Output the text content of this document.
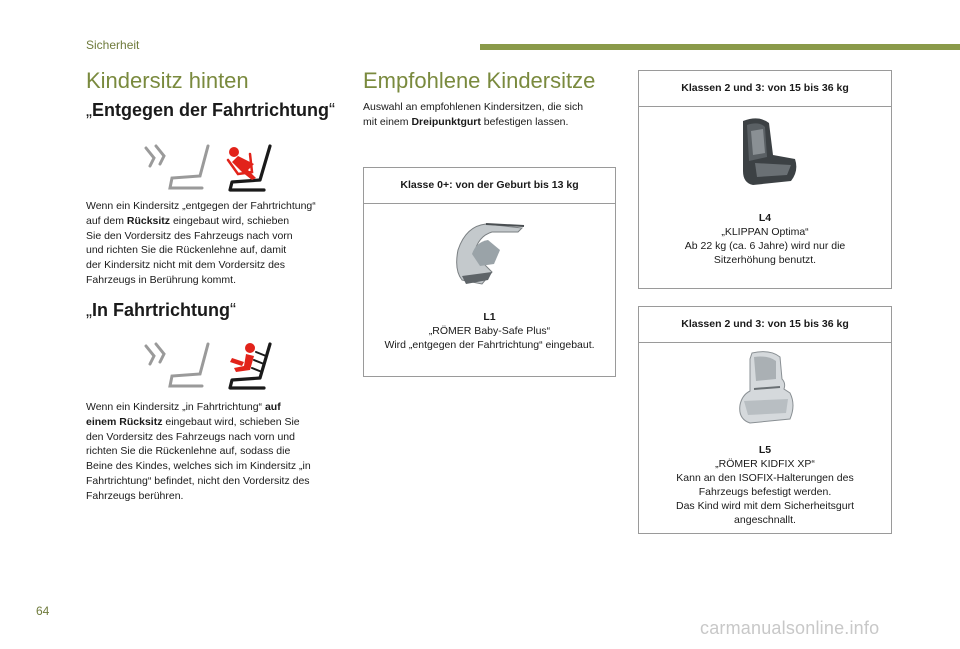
Sicherheit
Kindersitz hinten
„Entgegen der Fahrtrichtung“
Wenn ein Kindersitz „entgegen der Fahrtrichtung“
auf dem Rücksitz eingebaut wird, schieben
Sie den Vordersitz des Fahrzeugs nach vorn
und richten Sie die Rückenlehne auf, damit
der Kindersitz nicht mit dem Vordersitz des
Fahrzeugs in Berührung kommt.
„In Fahrtrichtung“
Wenn ein Kindersitz „in Fahrtrichtung“ auf
einem Rücksitz eingebaut wird, schieben Sie
den Vordersitz des Fahrzeugs nach vorn und
richten Sie die Rückenlehne auf, sodass die
Beine des Kindes, welches sich im Kindersitz „in
Fahrtrichtung“ befindet, nicht den Vordersitz des
Fahrzeugs berühren.
Empfohlene Kindersitze
Auswahl an empfohlenen Kindersitzen, die sich
mit einem Dreipunktgurt befestigen lassen.
Klasse 0+: von der Geburt bis 13 kg
L1
„RÖMER Baby-Safe Plus“
Wird „entgegen der Fahrtrichtung“ eingebaut.
Klassen 2 und 3: von 15 bis 36 kg
L4
„KLIPPAN Optima“
Ab 22 kg (ca. 6 Jahre) wird nur die
Sitzerhöhung benutzt.
Klassen 2 und 3: von 15 bis 36 kg
L5
„RÖMER KIDFIX XP“
Kann an den ISOFIX-Halterungen des
Fahrzeugs befestigt werden.
Das Kind wird mit dem Sicherheitsgurt
angeschnallt.
64
carmanualsonline.info
